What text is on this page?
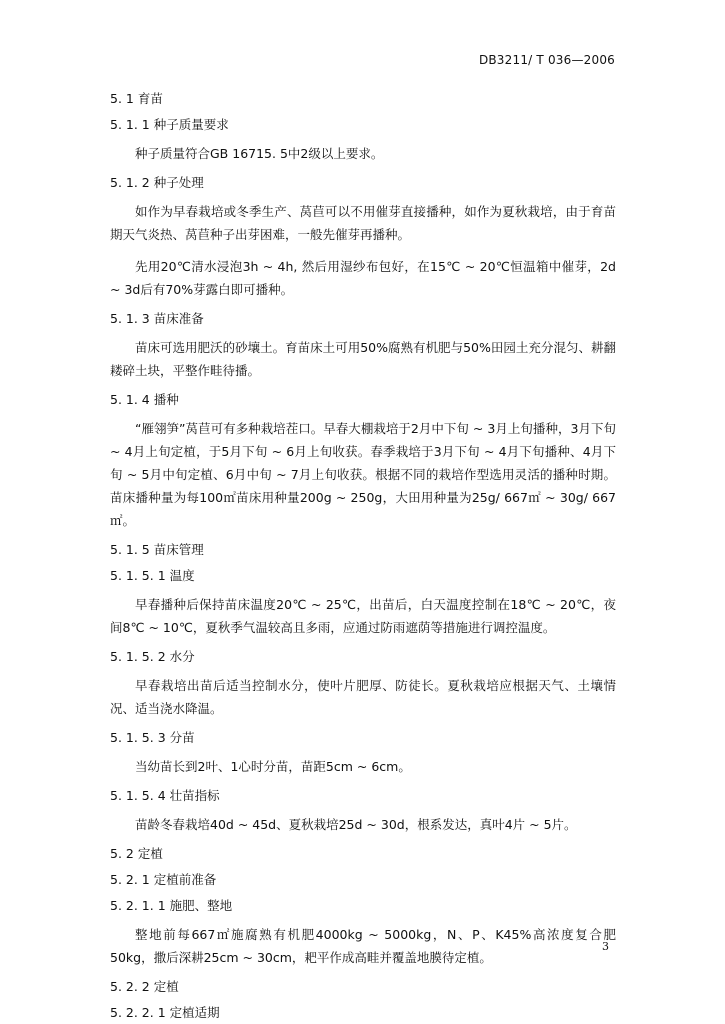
DB3211/ T 036—2006

5. 1 育苗

5. 1. 1 种子质量要求

种子质量符合GB 16715. 5中2级以上要求。

5. 1. 2 种子处理

如作为早春栽培或冬季生产、莴苣可以不用催芽直接播种，如作为夏秋栽培，由于育苗期天气炎热、莴苣种子出芽困难，一般先催芽再播种。

先用20℃清水浸泡3h ~ 4h, 然后用湿纱布包好，在15℃ ~ 20℃恒温箱中催芽，2d ~ 3d后有70%芽露白即可播种。

5. 1. 3 苗床准备

苗床可选用肥沃的砂壤土。育苗床土可用50%腐熟有机肥与50%田园土充分混匀、耕翻耧碎土块，平整作畦待播。

5. 1. 4 播种

“雁翎笋”莴苣可有多种栽培茬口。早春大棚栽培于2月中下旬 ~ 3月上旬播种，3月下旬 ~ 4月上旬定植，于5月下旬 ~ 6月上旬收获。春季栽培于3月下旬 ~ 4月下旬播种、4月下旬 ~ 5月中旬定植、6月中旬 ~ 7月上旬收获。根据不同的栽培作型选用灵活的播种时期。苗床播种量为每100㎡苗床用种量200g ~ 250g，大田用种量为25g/ 667㎡ ~ 30g/ 667㎡。

5. 1. 5 苗床管理

5. 1. 5. 1 温度

早春播种后保持苗床温度20℃ ~ 25℃，出苗后，白天温度控制在18℃ ~ 20℃，夜间8℃ ~ 10℃，夏秋季气温较高且多雨，应通过防雨遮荫等措施进行调控温度。

5. 1. 5. 2 水分

早春栽培出苗后适当控制水分，使叶片肥厚、防徒长。夏秋栽培应根据天气、土壤情况、适当浇水降温。

5. 1. 5. 3 分苗

当幼苗长到2叶、1心时分苗，苗距5cm ~ 6cm。

5. 1. 5. 4 壮苗指标

苗龄冬春栽培40d ~ 45d、夏秋栽培25d ~ 30d，根系发达，真叶4片 ~ 5片。

5. 2 定植

5. 2. 1 定植前准备

5. 2. 1. 1 施肥、整地

整地前每667㎡施腐熟有机肥4000kg ~ 5000kg，N、P、K45%高浓度复合肥50kg，撒后深耕25cm ~ 30cm，耙平作成高畦并覆盖地膜待定植。

5. 2. 2 定植

5. 2. 2. 1 定植适期

3
